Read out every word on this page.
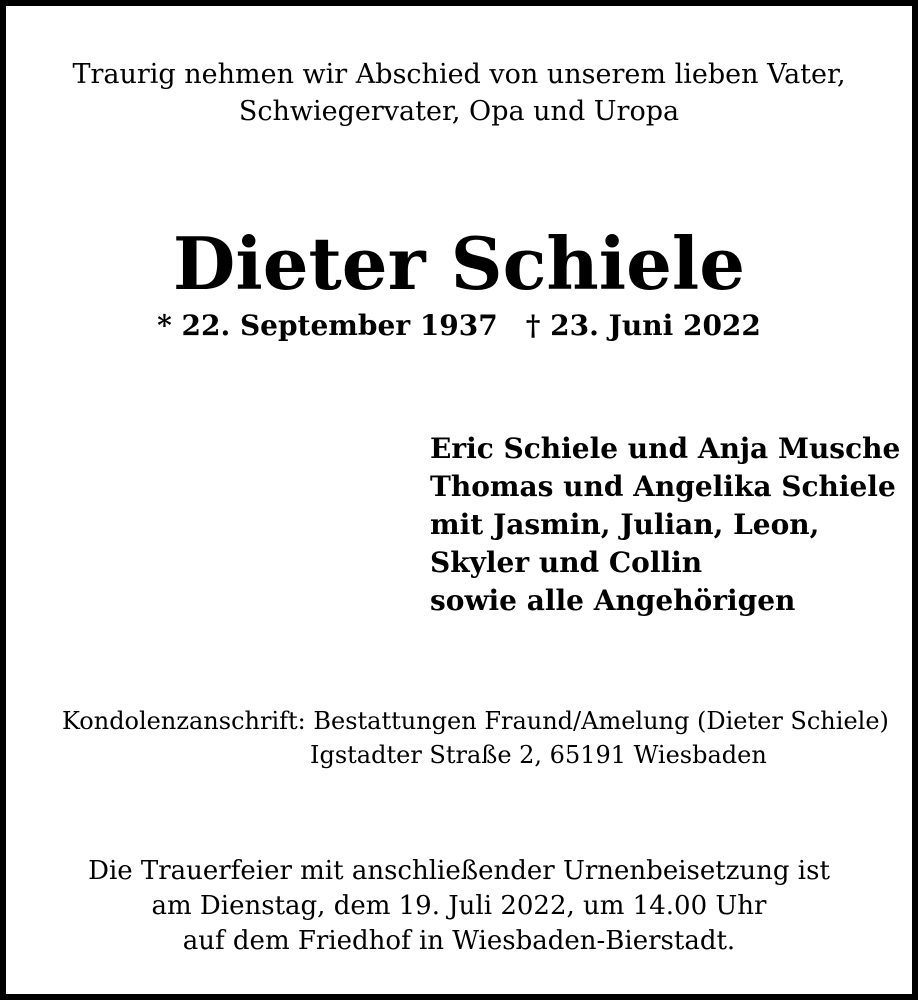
Traurig nehmen wir Abschied von unserem lieben Vater,
Schwiegervater, Opa und Uropa
Dieter Schiele
* 22. September 1937 † 23. Juni 2022
Eric Schiele und Anja Musche
Thomas und Angelika Schiele
mit Jasmin, Julian, Leon,
Skyler und Collin
sowie alle Angehörigen
Kondolenzanschrift: Bestattungen Fraund/Amelung (Dieter Schiele)
Igstadter Straße 2, 65191 Wiesbaden
Die Trauerfeier mit anschließender Urnenbeisetzung ist
am Dienstag, dem 19. Juli 2022, um 14.00 Uhr
auf dem Friedhof in Wiesbaden-Bierstadt.
